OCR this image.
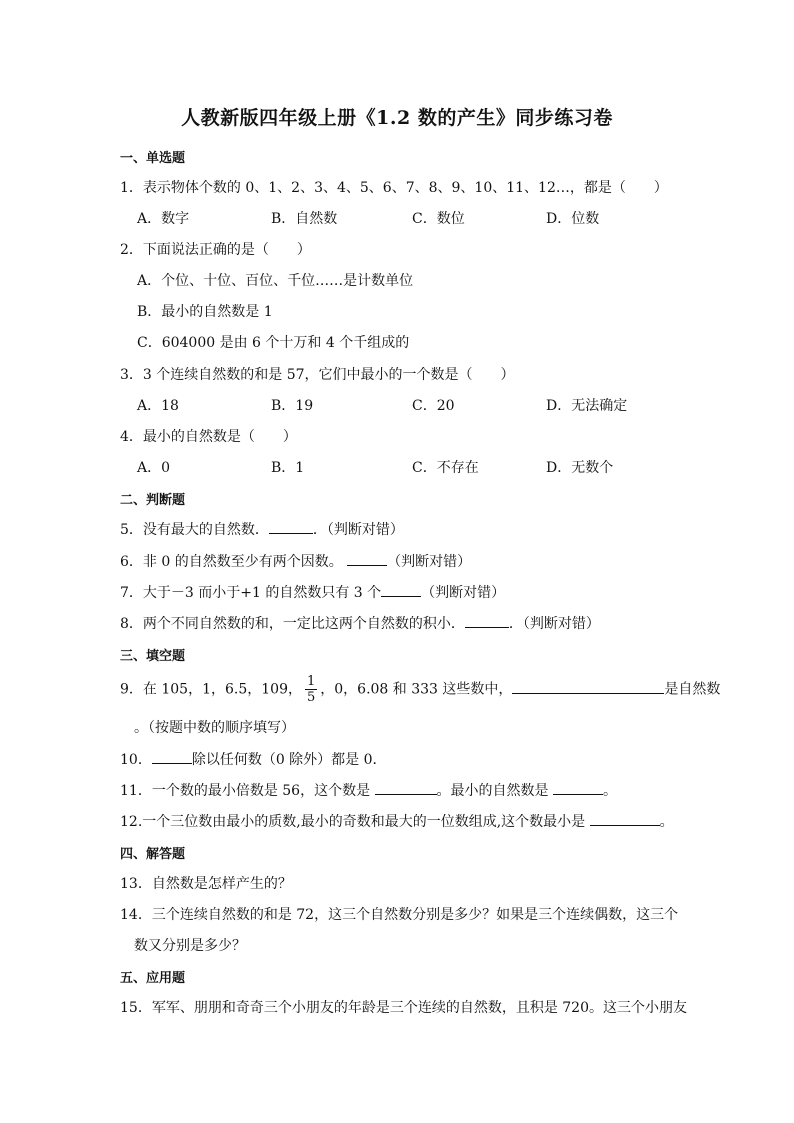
人教新版四年级上册《1.2 数的产生》同步练习卷
一、单选题
1．表示物体个数的 0、1、2、3、4、5、6、7、8、9、10、11、12…，都是（　　）
A．数字	B．自然数	C．数位	D．位数
2．下面说法正确的是（　　）
A．个位、十位、百位、千位……是计数单位
B．最小的自然数是 1
C．604000 是由 6 个十万和 4 个千组成的
3．3 个连续自然数的和是 57，它们中最小的一个数是（　　）
A．18	B．19	C．20	D．无法确定
4．最小的自然数是（　　）
A．0	B．1	C．不存在	D．无数个
二、判断题
5．没有最大的自然数．	．（判断对错）
6．非 0 的自然数至少有两个因数。	（判断对错）
7．大于－3 而小于+1 的自然数只有 3 个	（判断对错）
8．两个不同自然数的和，一定比这两个自然数的积小．	．（判断对错）
三、填空题
9．在 105，1，6.5，109， $\frac{1}{5}$ ，0，6.08 和 333 这些数中，	是自然数
。（按题中数的顺序填写）
10．	除以任何数（0 除外）都是 0．
11．一个数的最小倍数是 56，这个数是	。最小的自然数是	。
12.一个三位数由最小的质数,最小的奇数和最大的一位数组成,这个数最小是	。
四、解答题
13．自然数是怎样产生的？
14．三个连续自然数的和是 72，这三个自然数分别是多少？如果是三个连续偶数，这三个
数又分别是多少？
五、应用题
15．军军、朋朋和奇奇三个小朋友的年龄是三个连续的自然数，且积是 720。这三个小朋友
